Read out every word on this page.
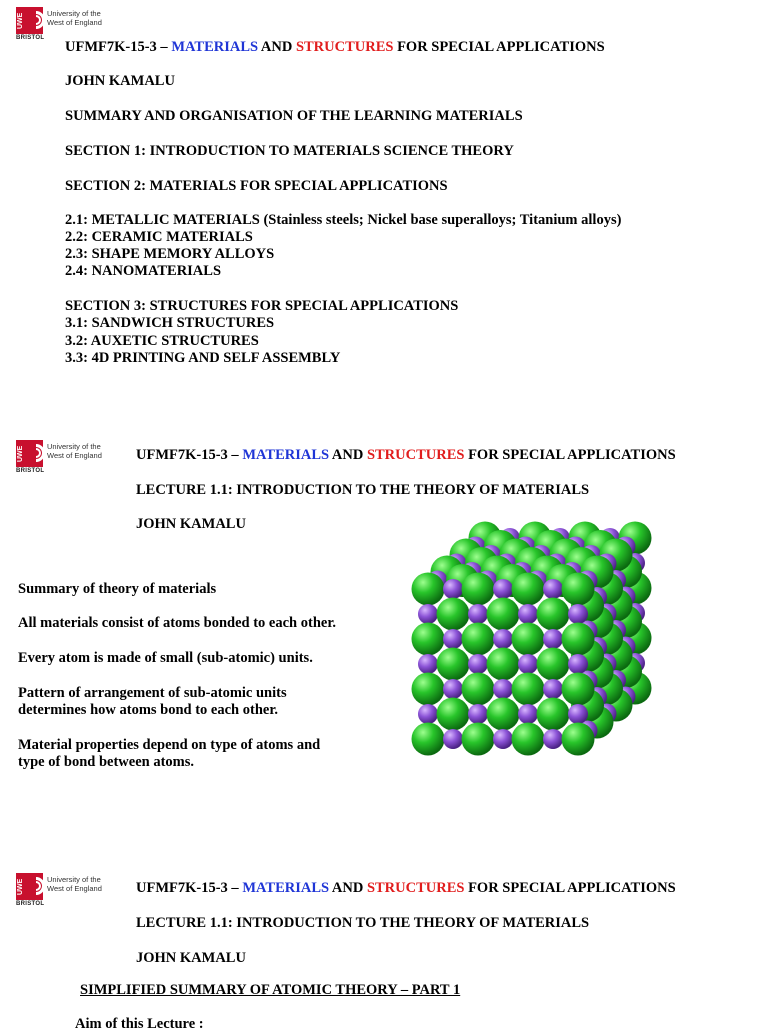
UWE
BRISTOL
University of the
West of England
UFMF7K-15-3 – MATERIALS AND STRUCTURES FOR SPECIAL APPLICATIONS
JOHN KAMALU
SUMMARY AND ORGANISATION OF THE LEARNING MATERIALS
SECTION 1: INTRODUCTION TO MATERIALS SCIENCE THEORY
SECTION 2: MATERIALS FOR SPECIAL APPLICATIONS
2.1: METALLIC MATERIALS (Stainless steels; Nickel base superalloys; Titanium alloys)
2.2: CERAMIC MATERIALS
2.3: SHAPE MEMORY ALLOYS
2.4: NANOMATERIALS
SECTION 3: STRUCTURES FOR SPECIAL APPLICATIONS
3.1: SANDWICH STRUCTURES
3.2: AUXETIC STRUCTURES
3.3: 4D PRINTING AND SELF ASSEMBLY
UWE
BRISTOL
University of the
West of England UFMF7K-15-3 – MATERIALS AND STRUCTURES FOR SPECIAL APPLICATIONS
LECTURE 1.1: INTRODUCTION TO THE THEORY OF MATERIALS
JOHN KAMALU
Summary of theory of materials
All materials consist of atoms bonded to each other.
Every atom is made of small (sub-atomic) units.
Pattern of arrangement of sub-atomic units
determines how atoms bond to each other.
Material properties depend on type of atoms and
type of bond between atoms.
UWE
BRISTOL
University of the
West of England UFMF7K-15-3 – MATERIALS AND STRUCTURES FOR SPECIAL APPLICATIONS
LECTURE 1.1: INTRODUCTION TO THE THEORY OF MATERIALS
JOHN KAMALU
SIMPLIFIED SUMMARY OF ATOMIC THEORY – PART 1
Aim of this Lecture :
